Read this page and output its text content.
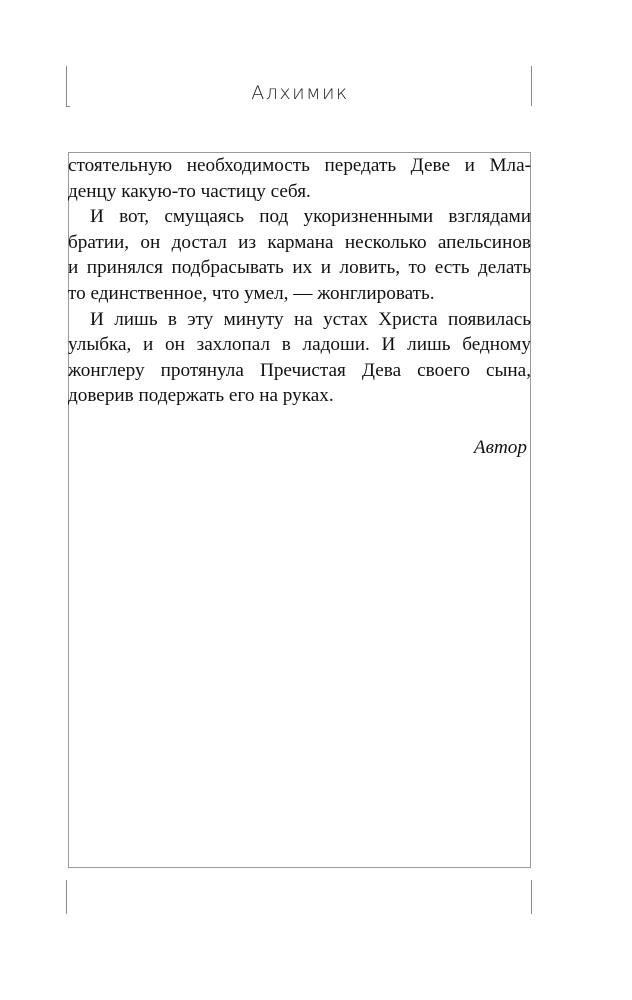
Алхимик
стоятельную необходимость передать Деве и Мла-
денцу какую-то частицу себя.
И вот, смущаясь под укоризненными взглядами
братии, он достал из кармана несколько апельсинов
и принялся подбрасывать их и ловить, то есть делать
то единственное, что умел, — жонглировать.
И лишь в эту минуту на устах Христа появилась
улыбка, и он захлопал в ладоши. И лишь бедному
жонглеру протянула Пречистая Дева своего сына,
доверив подержать его на руках.
Автор
